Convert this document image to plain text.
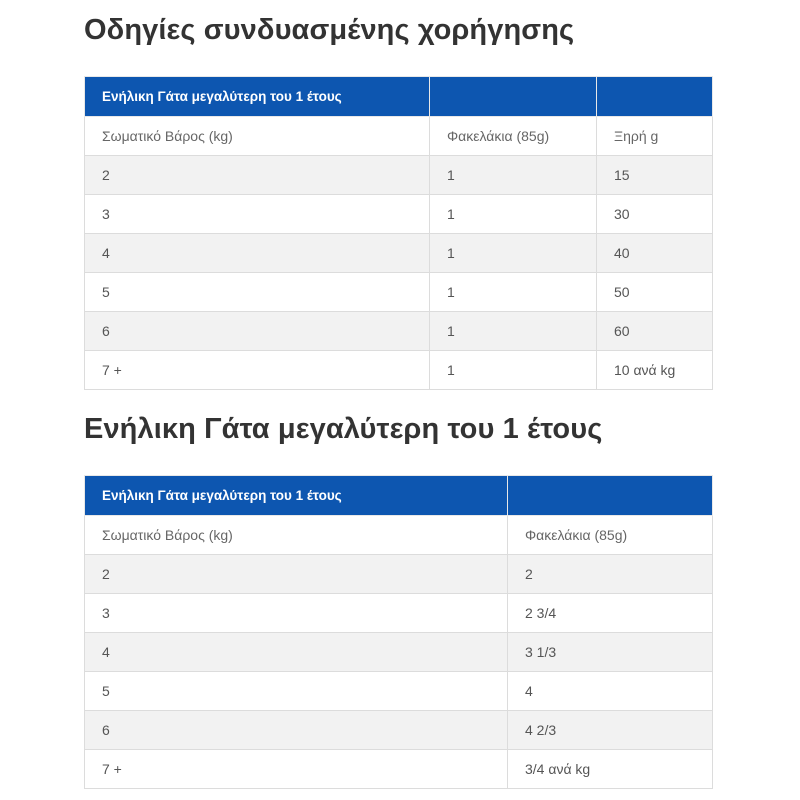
Οδηγίες συνδυασμένης χορήγησης
Ενήλικη Γάτα μεγαλύτερη του 1 έτους		
Σωματικό Βάρος (kg)	Φακελάκια (85g)	Ξηρή g
2	1	15
3	1	30
4	1	40
5	1	50
6	1	60
7 +	1	10 ανά kg
Ενήλικη Γάτα μεγαλύτερη του 1 έτους
Ενήλικη Γάτα μεγαλύτερη του 1 έτους	
Σωματικό Βάρος (kg)	Φακελάκια (85g)
2	2
3	2 3/4
4	3 1/3
5	4
6	4 2/3
7 +	3/4 ανά kg
